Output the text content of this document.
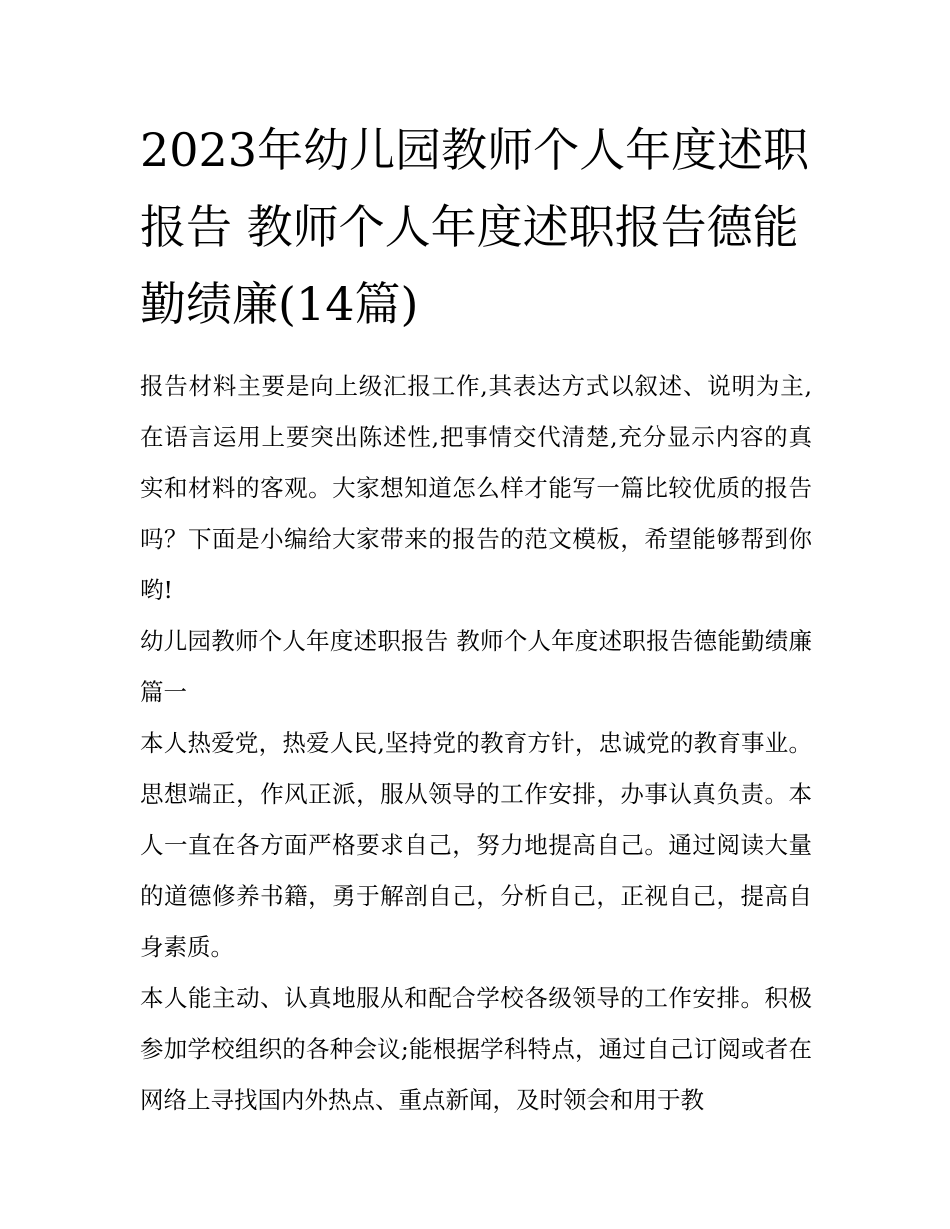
2023年幼儿园教师个人年度述职报告 教师个人年度述职报告德能勤绩廉(14篇)

报告材料主要是向上级汇报工作,其表达方式以叙述、说明为主,在语言运用上要突出陈述性,把事情交代清楚,充分显示内容的真实和材料的客观。大家想知道怎么样才能写一篇比较优质的报告吗？下面是小编给大家带来的报告的范文模板，希望能够帮到你哟!

幼儿园教师个人年度述职报告 教师个人年度述职报告德能勤绩廉篇一

本人热爱党，热爱人民,坚持党的教育方针，忠诚党的教育事业。思想端正，作风正派，服从领导的工作安排，办事认真负责。本人一直在各方面严格要求自己，努力地提高自己。通过阅读大量的道德修养书籍，勇于解剖自己，分析自己，正视自己，提高自身素质。

本人能主动、认真地服从和配合学校各级领导的工作安排。积极参加学校组织的各种会议;能根据学科特点，通过自己订阅或者在网络上寻找国内外热点、重点新闻，及时领会和用于教
